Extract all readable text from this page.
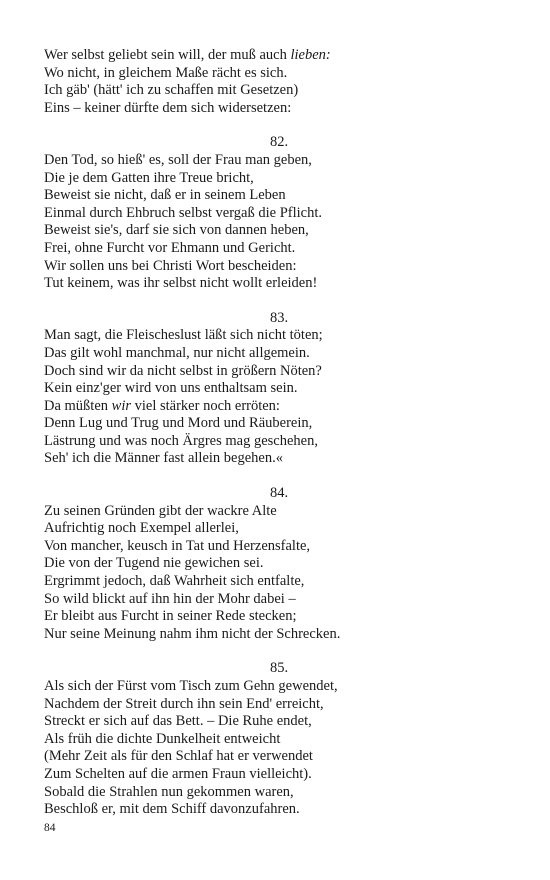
Wer selbst geliebt sein will, der muß auch lieben:
Wo nicht, in gleichem Maße rächt es sich.
Ich gäb' (hätt' ich zu schaffen mit Gesetzen)
Eins – keiner dürfte dem sich widersetzen:
82.
Den Tod, so hieß' es, soll der Frau man geben,
Die je dem Gatten ihre Treue bricht,
Beweist sie nicht, daß er in seinem Leben
Einmal durch Ehbruch selbst vergaß die Pflicht.
Beweist sie's, darf sie sich von dannen heben,
Frei, ohne Furcht vor Ehmann und Gericht.
Wir sollen uns bei Christi Wort bescheiden:
Tut keinem, was ihr selbst nicht wollt erleiden!
83.
Man sagt, die Fleischeslust läßt sich nicht töten;
Das gilt wohl manchmal, nur nicht allgemein.
Doch sind wir da nicht selbst in größern Nöten?
Kein einz'ger wird von uns enthaltsam sein.
Da müßten wir viel stärker noch erröten:
Denn Lug und Trug und Mord und Räuberein,
Lästrung und was noch Ärgres mag geschehen,
Seh' ich die Männer fast allein begehen.«
84.
Zu seinen Gründen gibt der wackre Alte
Aufrichtig noch Exempel allerlei,
Von mancher, keusch in Tat und Herzensfalte,
Die von der Tugend nie gewichen sei.
Ergrimmt jedoch, daß Wahrheit sich entfalte,
So wild blickt auf ihn hin der Mohr dabei –
Er bleibt aus Furcht in seiner Rede stecken;
Nur seine Meinung nahm ihm nicht der Schrecken.
85.
Als sich der Fürst vom Tisch zum Gehn gewendet,
Nachdem der Streit durch ihn sein End' erreicht,
Streckt er sich auf das Bett. – Die Ruhe endet,
Als früh die dichte Dunkelheit entweicht
(Mehr Zeit als für den Schlaf hat er verwendet
Zum Schelten auf die armen Fraun vielleicht).
Sobald die Strahlen nun gekommen waren,
Beschloß er, mit dem Schiff davonzufahren.
84
